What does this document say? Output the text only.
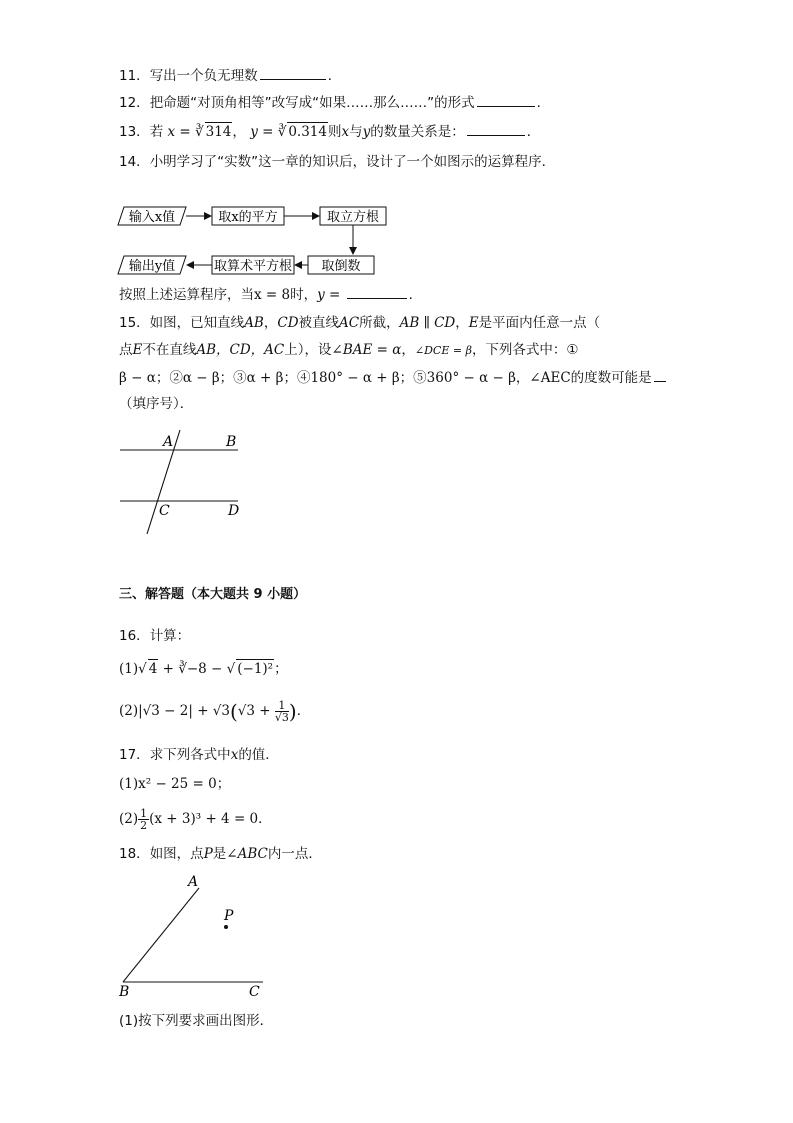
11．写出一个负无理数	．
12．把命题“对顶角相等”改写成“如果……那么……”的形式	．
13．若 x = ∛ 314， y = ∛ 0.314则x与y的数量关系是：	．
14．小明学习了“实数”这一章的知识后，设计了一个如图示的运算程序．
输入x值	取x的平方	取立方根
取倒数
取算术平方根
输出y值
按照上述运算程序，当x = 8时，y =	．
15．如图，已知直线AB，CD被直线AC所截，AB ∥ CD，E是平面内任意一点（
点E不在直线AB，CD，AC上），设∠BAE = α，∠DCE = β，下列各式中：①
β − α；②α − β；③α + β；④180° − α + β；⑤360° − α − β，∠AEC的度数可能是
（填序号）．
A	B
C	D
三、解答题（本大题共 9 小题）
16．计算：
(1)√ 4 + ∛−8 − √ (−1)²；
$(2)|√3 - 2| + √3(√3 + \frac{1}{√3}$ )．
17．求下列各式中x的值．
(1)x² − 25 = 0；
$(2) \frac{1}{2} (x + 3)^3 + 4 = 0$．
18．如图，点P是∠ABC内一点．
A
P
B	C
(1)按下列要求画出图形．
